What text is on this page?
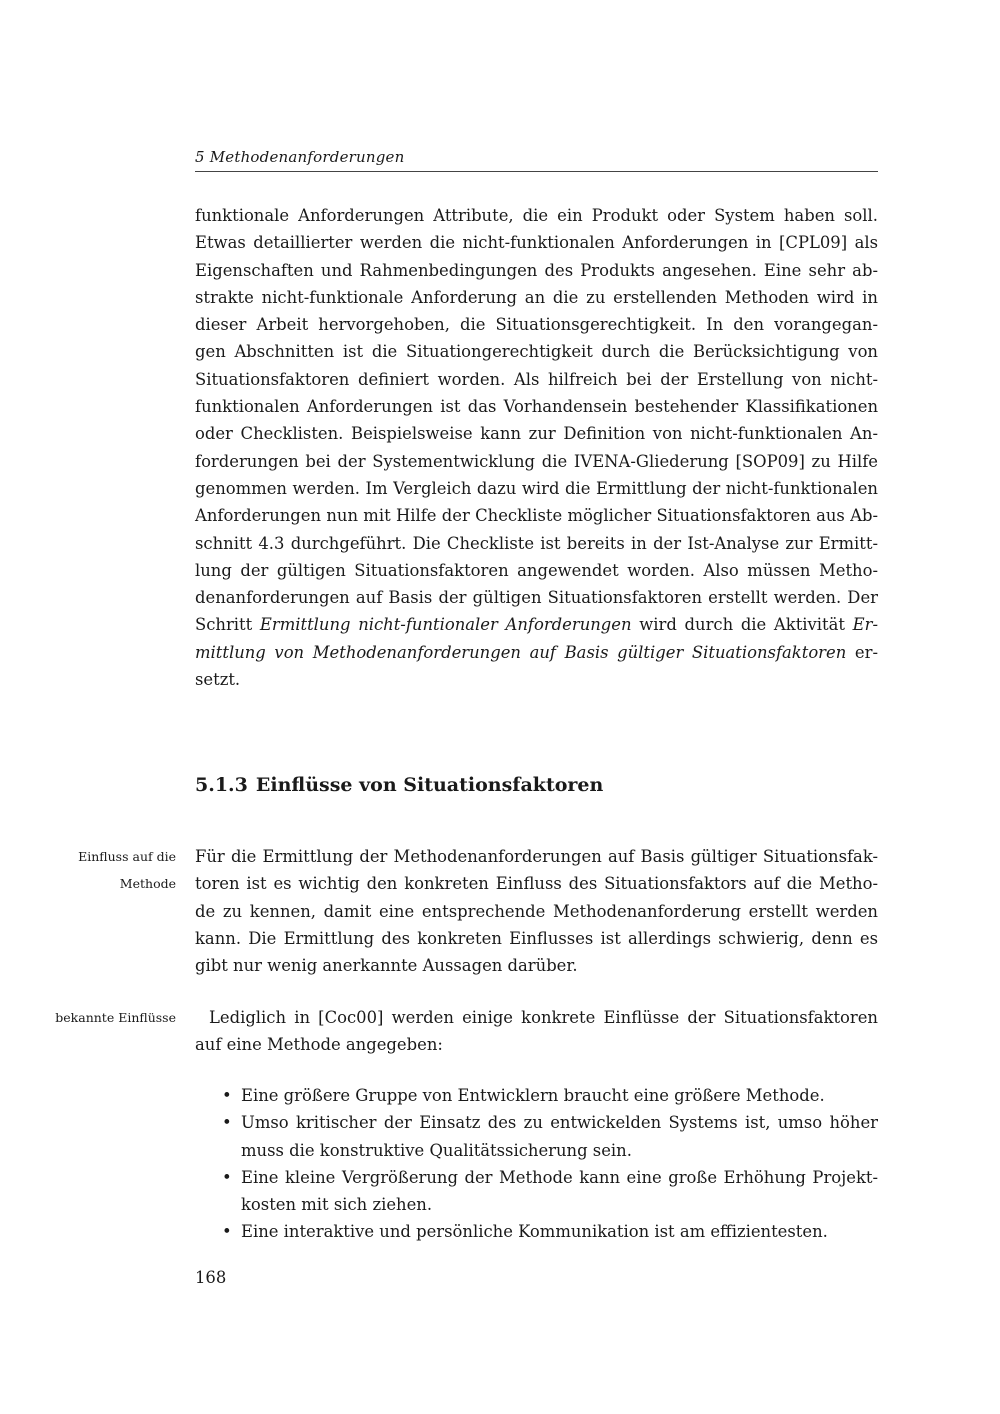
5 Methodenanforderungen
funktionale Anforderungen Attribute, die ein Produkt oder System haben soll.
Etwas detaillierter werden die nicht-funktionalen Anforderungen in [CPL09] als
Eigenschaften und Rahmenbedingungen des Produkts angesehen. Eine sehr ab-
strakte nicht-funktionale Anforderung an die zu erstellenden Methoden wird in
dieser Arbeit hervorgehoben, die Situationsgerechtigkeit. In den vorangegan-
gen Abschnitten ist die Situationgerechtigkeit durch die Berücksichtigung von
Situationsfaktoren definiert worden. Als hilfreich bei der Erstellung von nicht-
funktionalen Anforderungen ist das Vorhandensein bestehender Klassifikationen
oder Checklisten. Beispielsweise kann zur Definition von nicht-funktionalen An-
forderungen bei der Systementwicklung die IVENA-Gliederung [SOP09] zu Hilfe
genommen werden. Im Vergleich dazu wird die Ermittlung der nicht-funktionalen
Anforderungen nun mit Hilfe der Checkliste möglicher Situationsfaktoren aus Ab-
schnitt 4.3 durchgeführt. Die Checkliste ist bereits in der Ist-Analyse zur Ermitt-
lung der gültigen Situationsfaktoren angewendet worden. Also müssen Metho-
denanforderungen auf Basis der gültigen Situationsfaktoren erstellt werden. Der
Schritt Ermittlung nicht-funtionaler Anforderungen wird durch die Aktivität Er-
mittlung von Methodenanforderungen auf Basis gültiger Situationsfaktoren er-
setzt.
5.1.3 Einflüsse von Situationsfaktoren
Einfluss auf die
Methode
Für die Ermittlung der Methodenanforderungen auf Basis gültiger Situationsfak-
toren ist es wichtig den konkreten Einfluss des Situationsfaktors auf die Metho-
de zu kennen, damit eine entsprechende Methodenanforderung erstellt werden
kann. Die Ermittlung des konkreten Einflusses ist allerdings schwierig, denn es
gibt nur wenig anerkannte Aussagen darüber.
bekannte Einflüsse	Lediglich in [Coc00] werden einige konkrete Einflüsse der Situationsfaktoren
auf eine Methode angegeben:
• Eine größere Gruppe von Entwicklern braucht eine größere Methode.
• Umso kritischer der Einsatz des zu entwickelden Systems ist, umso höher
muss die konstruktive Qualitätssicherung sein.
• Eine kleine Vergrößerung der Methode kann eine große Erhöhung Projekt-
kosten mit sich ziehen.
• Eine interaktive und persönliche Kommunikation ist am effizientesten.
168
